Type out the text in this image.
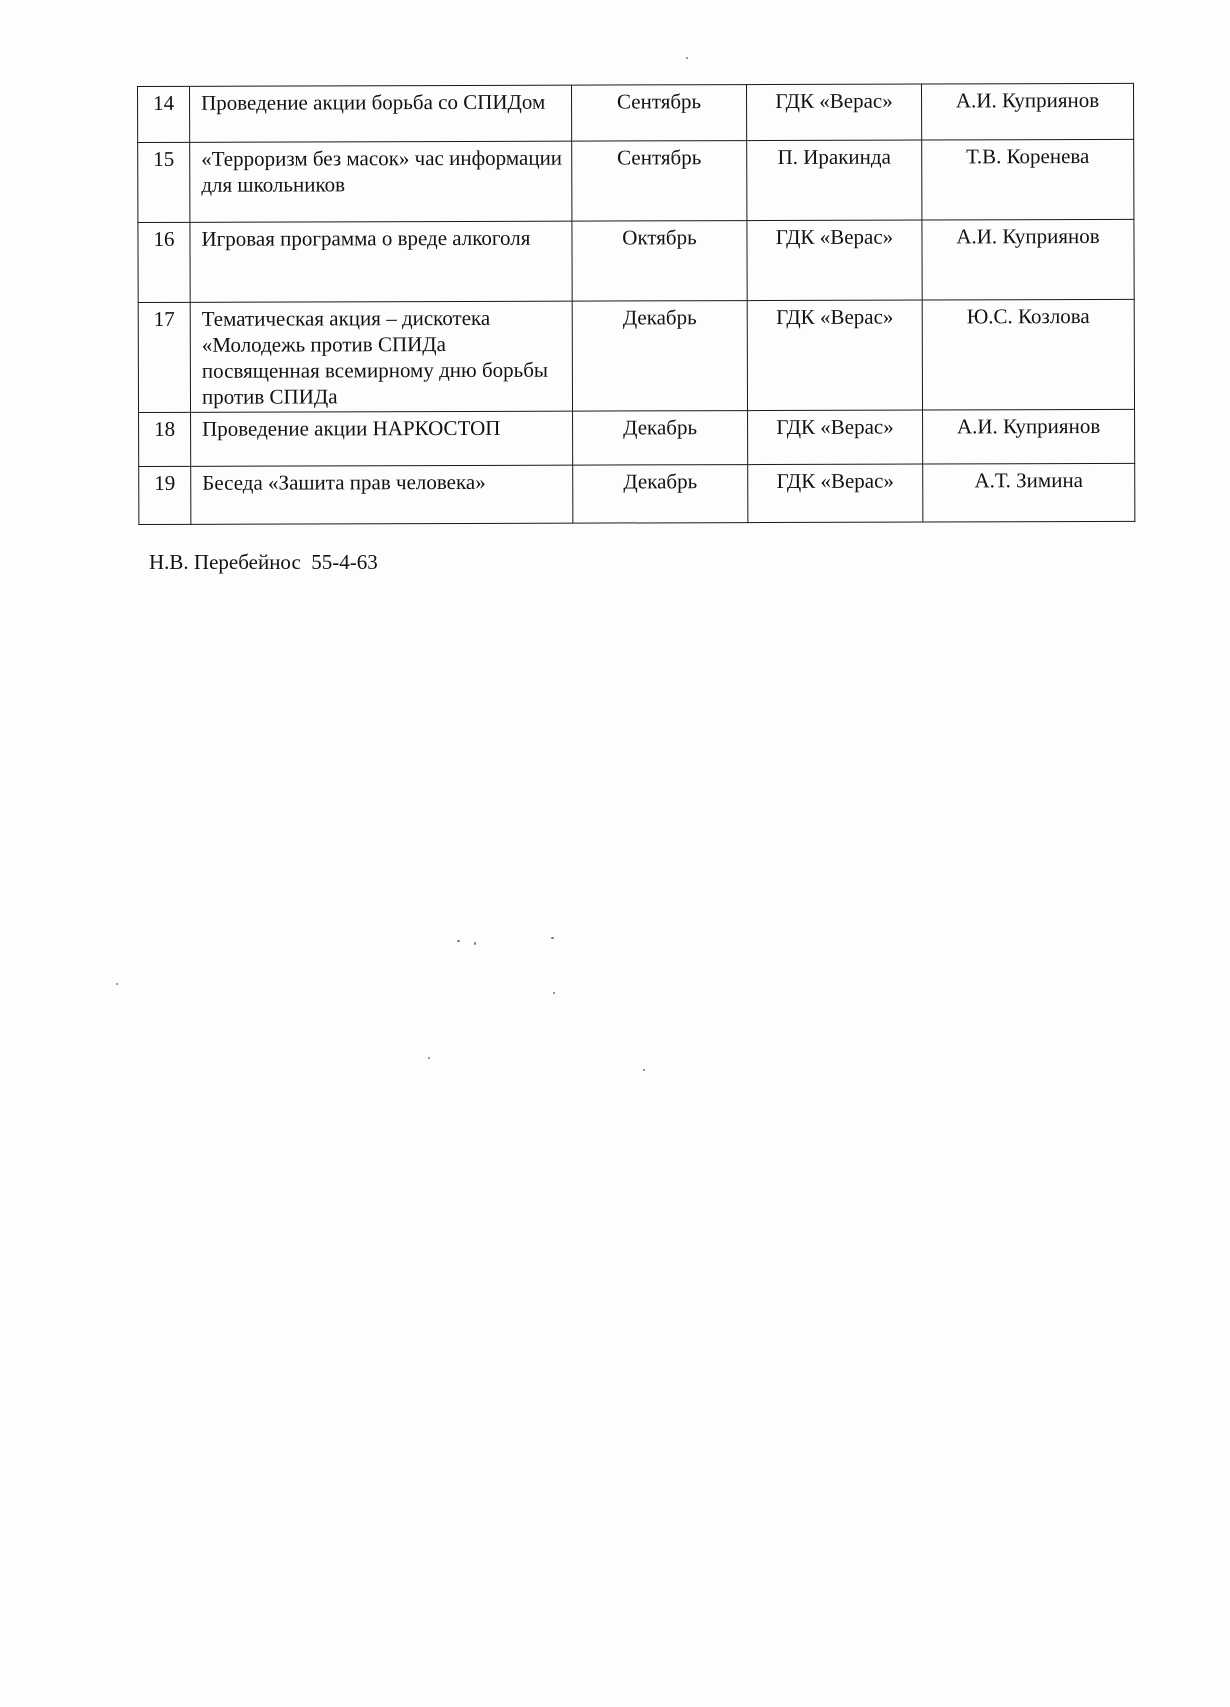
14	Проведение акции борьба со СПИДом	Сентябрь	ГДК «Верас»	А.И. Куприянов
15	«Терроризм без масок» час информации для школьников	Сентябрь	П. Иракинда	Т.В. Коренева
16	Игровая программа о вреде алкоголя	Октябрь	ГДК «Верас»	А.И. Куприянов
17	Тематическая акция – дискотека «Молодежь против СПИДа посвященная всемирному дню борьбы против СПИДа	Декабрь	ГДК «Верас»	Ю.С. Козлова
18	Проведение акции НАРКОСТОП	Декабрь	ГДК «Верас»	А.И. Куприянов
19	Беседа «Зашита прав человека»	Декабрь	ГДК «Верас»	А.Т. Зимина
Н.В. Перебейнос  55-4-63
